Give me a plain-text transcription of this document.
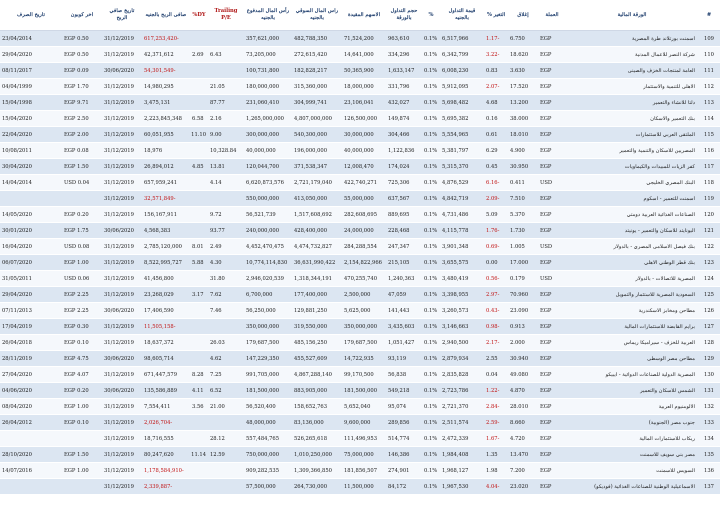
#	الورقة المالية	العملة	إغلاق	التغير %	قيمة التداول بالجنيه	%	حجم التداول بالورقة	الاسهم المقيدة	راس المال السوقي بالجنيه	رأس المال المدفوع بالجنيه	Trailing P/E	DY%	صافى الربح بالجنيه	تاريخ صافي الربح	اخر كوبون	تاريخ الصرف
109	اسمنت بورتلاند طرة المصرية	EGP	6.750	-1.17	6,517,966	0.1%	963,610	71,524,200	482,788,350	357,621,000			-617,253,420	31/12/2019	EGP 0.50	23/04/2014
110	شركة النصر للاعمال المدنية	EGP	18.620	-3.22	6,342,799	0.1%	334,296	14,641,000	272,615,420	73,205,000	6.43	2.69	42,371,612	31/12/2019	EGP 0.50	29/04/2020
111	العامة لمنتجات الخزف والصينى	EGP	3.630	0.83	6,008,230	0.1%	1,633,147	50,365,900	182,828,217	100,731,800			-54,301,549	30/06/2020	EGP 0.09	08/11/2017
112	الاهلى للتنمية والاستثمار	EGP	17.520	-2.07	5,912,095	0.1%	331,796	18,000,000	315,360,000	180,000,000	21.05		14,980,295	31/12/2019	EGP 1.70	04/04/1999
113	دلتا للانشاء والتعمير	EGP	13.200	4.68	5,698,482	0.1%	432,027	23,106,041	304,999,741	231,060,410	87.77		3,475,131	31/12/2019	EGP 9.71	15/04/1998
114	بنك التعمير والاسكان	EGP	38.000	0.16	5,695,382	0.1%	149,874	126,500,000	4,807,000,000	1,265,000,000	2.16	6.58	2,223,845,348	31/12/2019	EGP 2.50	15/04/2020
115	الملتقى العربي للاستثمارات	EGP	18.010	0.61	5,554,965	0.1%	304,466	30,000,000	540,300,000	300,000,000	9.00	11.10	60,051,955	31/12/2019	EGP 2.00	22/04/2020
116	المصريين للاسكان والتنمية والتعمير	EGP	4.900	6.29	5,381,797	0.1%	1,122,836	40,000,000	196,000,000	40,000,000	10,328.84		18,976	31/12/2019	EGP 0.08	10/08/2011
117	كفر الزيات للمبيدات والكيماويات	EGP	30.950	0.45	5,315,370	0.1%	174,024	12,008,470	371,538,347	120,044,700	13.81	4.85	26,894,012	31/12/2019	EGP 1.50	30/04/2020
118	البنك المصري الخليجي	USD	0.411	-6.16	4,876,529	0.1%	725,306	422,740,271	2,721,179,040	6,620,873,576	4.14		657,959,241	31/12/2019	USD 0.04	14/04/2014
119	اسمنت للتعمير - اسكوم	EGP	7.510	-2.09	4,842,719	0.1%	637,567	55,000,000	413,050,000	550,000,000			-32,571,849	31/12/2019		
120	الصناعات الغذائية العربية دومتي	EGP	5.370	5.09	4,731,486	0.1%	889,695	282,608,695	1,517,608,692	56,521,739	9.72		156,167,911	31/12/2019	EGP 0.20	14/05/2020
121	اليونايتد للاسكان والتعمير - يونيتد	EGP	1.730	-1.76	4,115,778	0.1%	228,468	24,000,000	428,400,000	240,000,000	93.77		4,568,383	30/06/2020	EGP 1.75	30/01/2020
122	بنك فيصل الاسلامى المصري - بالدولار	USD	1.005	-0.69	3,901,348	0.1%	247,347	284,288,554	4,474,732,827	4,452,470,475	2.49	8.01	2,785,120,000	31/12/2019	USD 0.08	16/04/2020
123	بنك قطر الوطني الاهلي	EGP	17.000	0.00	3,655,575	0.1%	215,105	2,154,822,966	36,631,990,422	10,774,114,830	4.30	5.88	8,522,995,727	31/12/2019	EGP 1.00	06/07/2020
124	المصرية للاتصالات - بالدولار	USD	0.179	-0.56	3,480,419	0.1%	1,240,363	470,255,740	1,318,344,191	2,946,020,539	31.80		41,456,800	31/12/2019	USD 0.06	31/05/2011
125	السعودية المصرية للاستثمار والتمويل	EGP	70.960	-2.97	3,398,955	0.1%	47,059	2,500,000	177,400,000	6,700,000	7.62	3.17	23,268,029	31/12/2019	EGP 2.25	29/04/2020
126	مطاحن ومخابز الاسكندرية	EGP	23.090	-0.43	3,260,573	0.1%	141,443	5,625,000	129,881,250	56,250,000	7.46		17,406,590	30/06/2020	EGP 2.25	07/11/2013
127	برايم القابضة للاستثمارات المالية	EGP	0.913	-0.98	3,146,663	0.1%	3,435,603	350,000,000	319,550,000	350,000,000			-11,505,158	31/12/2019	EGP 0.30	17/04/2019
128	العربية للخزف - سيراميكا ريماس	EGP	2.000	-2.17	2,940,500	0.1%	1,051,427	179,687,500	485,156,250	179,687,500	26.03		18,637,372	31/12/2019	EGP 0.10	26/04/2018
129	مطاحن مصر الوسطى	EGP	30.940	2.55	2,879,934	0.1%	93,119	14,722,935	455,527,609	147,229,350	4.62		98,605,714	30/06/2020	EGP 4.75	28/11/2019
130	المصرية الدولية للصناعات الدوائية - ايبيكو	EGP	49.080	0.04	2,835,828	0.1%	56,838	99,170,500	4,867,288,140	991,705,000	7.25	8.28	671,447,579	31/12/2019	EGP 4.07	27/04/2020
131	الشمس للاسكان والتعمير	EGP	4.870	-1.22	2,723,786	0.1%	549,218	181,500,000	883,905,000	181,500,000	6.52	4.11	135,586,889	30/06/2020	EGP 0.20	04/06/2020
132	الالومنيوم العربية	EGP	28.010	-2.84	2,721,370	0.1%	95,074	5,652,040	158,652,763	56,520,400	21.00	3.56	7,554,411	31/12/2019	EGP 1.00	08/04/2020
133	جنوب مصر (الجنوبية)	EGP	8.660	-2.59	2,511,574	0.1%	289,856	9,600,000	83,136,000	48,000,000			-2,026,704	31/12/2019	EGP 0.10	26/04/2012
134	ريكاب للاستثمارات المالية	EGP	4.720	-1.67	2,472,339	0.1%	514,774	111,496,953	526,265,618	557,484,765	28.12		18,716,555	31/12/2019		
135	مصر بني سويف للاسمنت	EGP	13.470	1.35	1,984,408	0.1%	146,386	75,000,000	1,010,250,000	750,000,000	12.59	11.14	80,247,620	31/12/2019	EGP 1.50	28/10/2020
136	السويس للاسمنت	EGP	7.200	1.98	1,968,127	0.1%	274,901	181,856,507	1,309,366,850	909,282,535			-1,178,584,910	31/12/2019	EGP 1.00	14/07/2016
137	الاسماعيلية الوطنية للصناعات الغذائية (فوديكو)	EGP	23.020	-4.04	1,967,530	0.1%	84,172	11,500,000	264,730,000	57,500,000			-2,339,887	31/12/2019		
